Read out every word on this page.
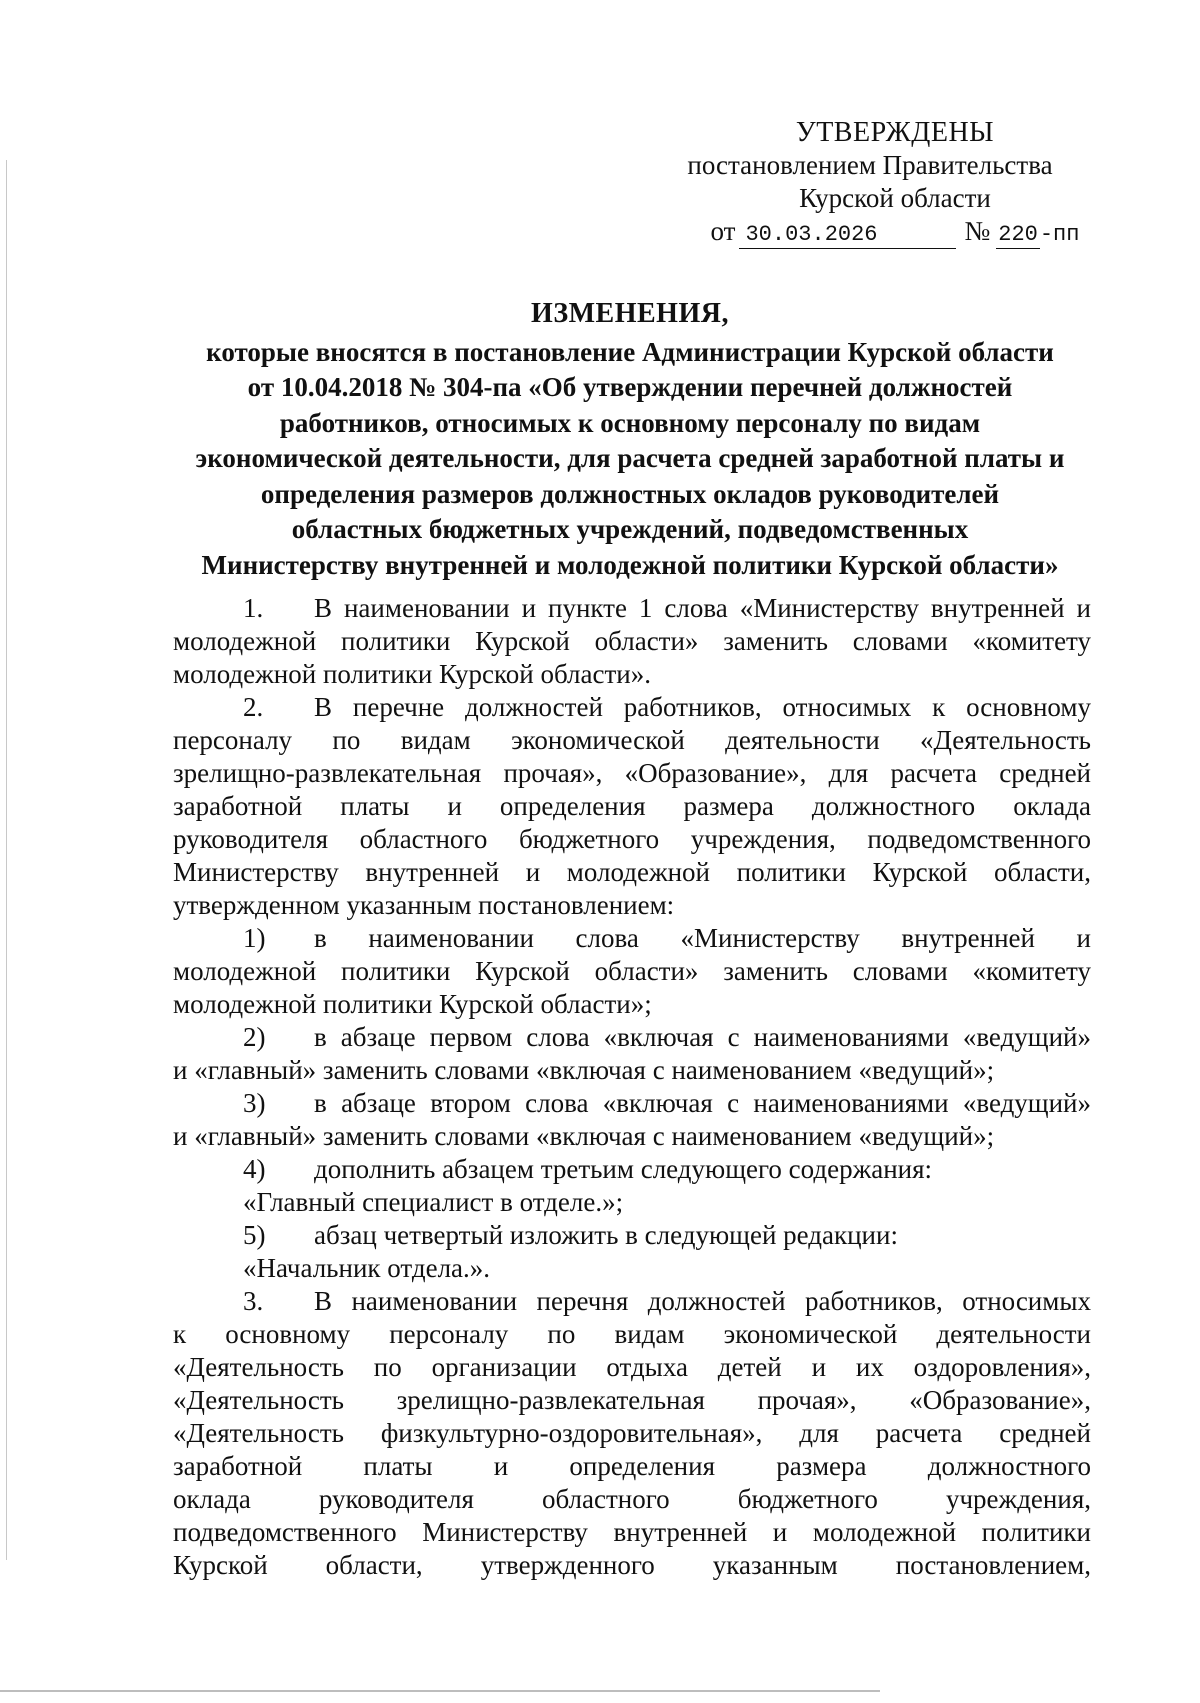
УТВЕРЖДЕНЫ
постановлением Правительства
Курской области
от 30.03.2026	№ 220 -пп
ИЗМЕНЕНИЯ,
которые вносятся в постановление Администрации Курской области
от 10.04.2018 № 304-па «Об утверждении перечней должностей
работников, относимых к основному персоналу по видам
экономической деятельности, для расчета средней заработной платы и
определения размеров должностных окладов руководителей
областных бюджетных учреждений, подведомственных
Министерству внутренней и молодежной политики Курской области»
1. В наименовании и пункте 1 слова «Министерству внутренней и
молодежной политики Курской области» заменить словами «комитету
молодежной политики Курской области».
2. В перечне должностей работников, относимых к основному
персоналу по видам экономической деятельности «Деятельность
зрелищно-развлекательная прочая», «Образование», для расчета средней
заработной платы и определения размера должностного оклада
руководителя областного бюджетного учреждения, подведомственного
Министерству внутренней и молодежной политики Курской области,
утвержденном указанным постановлением:
1) в наименовании слова «Министерству внутренней и
молодежной политики Курской области» заменить словами «комитету
молодежной политики Курской области»;
2) в абзаце первом слова «включая с наименованиями «ведущий»
и «главный» заменить словами «включая с наименованием «ведущий»;
3) в абзаце втором слова «включая с наименованиями «ведущий»
и «главный» заменить словами «включая с наименованием «ведущий»;
4) дополнить абзацем третьим следующего содержания:
«Главный специалист в отделе.»;
5) абзац четвертый изложить в следующей редакции:
«Начальник отдела.».
3. В наименовании перечня должностей работников, относимых
к основному персоналу по видам экономической деятельности
«Деятельность по организации отдыха детей и их оздоровления»,
«Деятельность зрелищно-развлекательная прочая», «Образование»,
«Деятельность физкультурно-оздоровительная», для расчета средней
заработной платы и определения размера должностного
оклада руководителя областного бюджетного учреждения,
подведомственного Министерству внутренней и молодежной политики
Курской области, утвержденного указанным постановлением,
